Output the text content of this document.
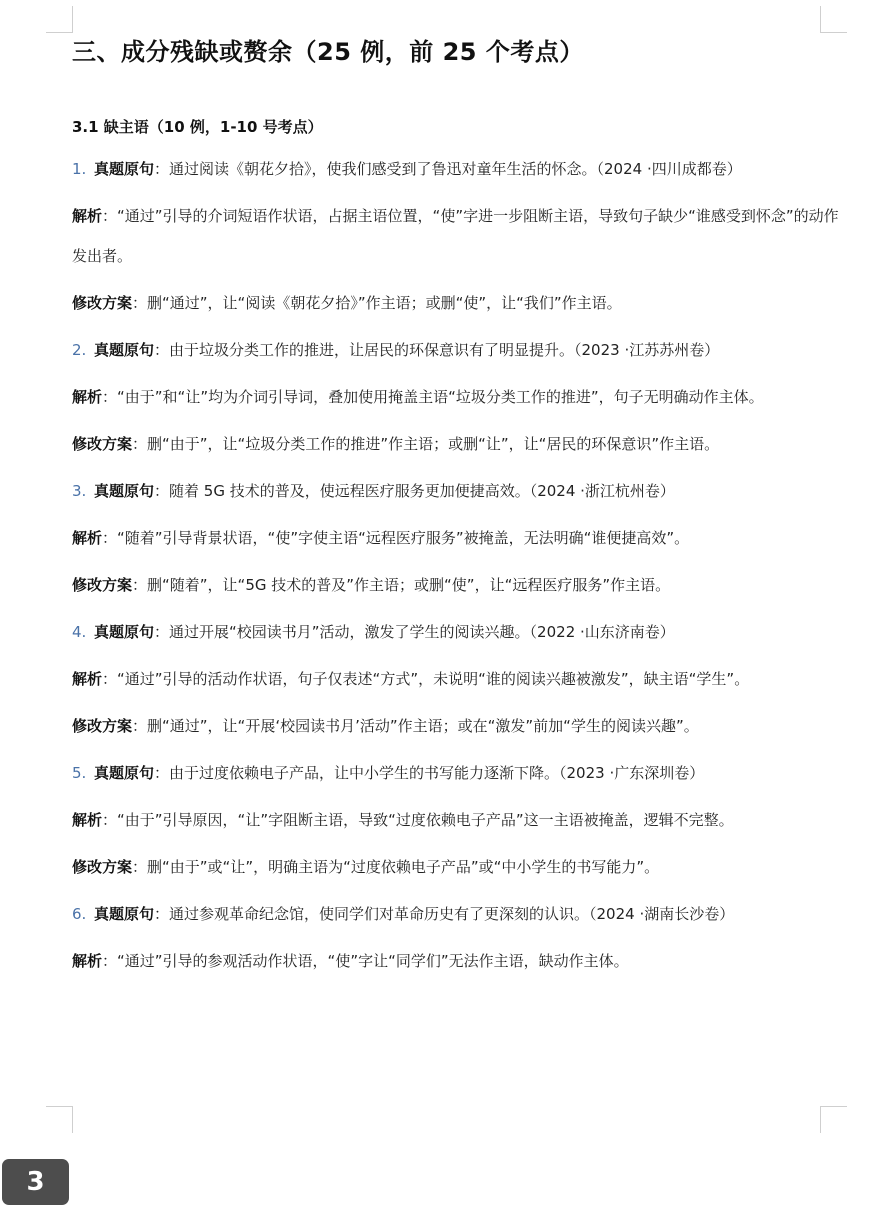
三、成分残缺或赘余（25 例，前 25 个考点）
3.1 缺主语（10 例，1-10 号考点）
1. 真题原句：通过阅读《朝花夕拾》，使我们感受到了鲁迅对童年生活的怀念。（2024 ·四川成都卷）
解析：“通过”引导的介词短语作状语，占据主语位置，“使”字进一步阻断主语，导致句子缺少“谁感受到怀念”的动作发出者。
修改方案：删“通过”，让“阅读《朝花夕拾》”作主语；或删“使”，让“我们”作主语。
2. 真题原句：由于垃圾分类工作的推进，让居民的环保意识有了明显提升。（2023 ·江苏苏州卷）
解析：“由于”和“让”均为介词引导词，叠加使用掩盖主语“垃圾分类工作的推进”，句子无明确动作主体。
修改方案：删“由于”，让“垃圾分类工作的推进”作主语；或删“让”，让“居民的环保意识”作主语。
3. 真题原句：随着 5G 技术的普及，使远程医疗服务更加便捷高效。（2024 ·浙江杭州卷）
解析：“随着”引导背景状语，“使”字使主语“远程医疗服务”被掩盖，无法明确“谁便捷高效”。
修改方案：删“随着”，让“5G 技术的普及”作主语；或删“使”，让“远程医疗服务”作主语。
4. 真题原句：通过开展“校园读书月”活动，激发了学生的阅读兴趣。（2022 ·山东济南卷）
解析：“通过”引导的活动作状语，句子仅表述“方式”，未说明“谁的阅读兴趣被激发”，缺主语“学生”。
修改方案：删“通过”，让“开展‘校园读书月’活动”作主语；或在“激发”前加“学生的阅读兴趣”。
5. 真题原句：由于过度依赖电子产品，让中小学生的书写能力逐渐下降。（2023 ·广东深圳卷）
解析：“由于”引导原因，“让”字阻断主语，导致“过度依赖电子产品”这一主语被掩盖，逻辑不完整。
修改方案：删“由于”或“让”，明确主语为“过度依赖电子产品”或“中小学生的书写能力”。
6. 真题原句：通过参观革命纪念馆，使同学们对革命历史有了更深刻的认识。（2024 ·湖南长沙卷）
解析：“通过”引导的参观活动作状语，“使”字让“同学们”无法作主语，缺动作主体。
3
